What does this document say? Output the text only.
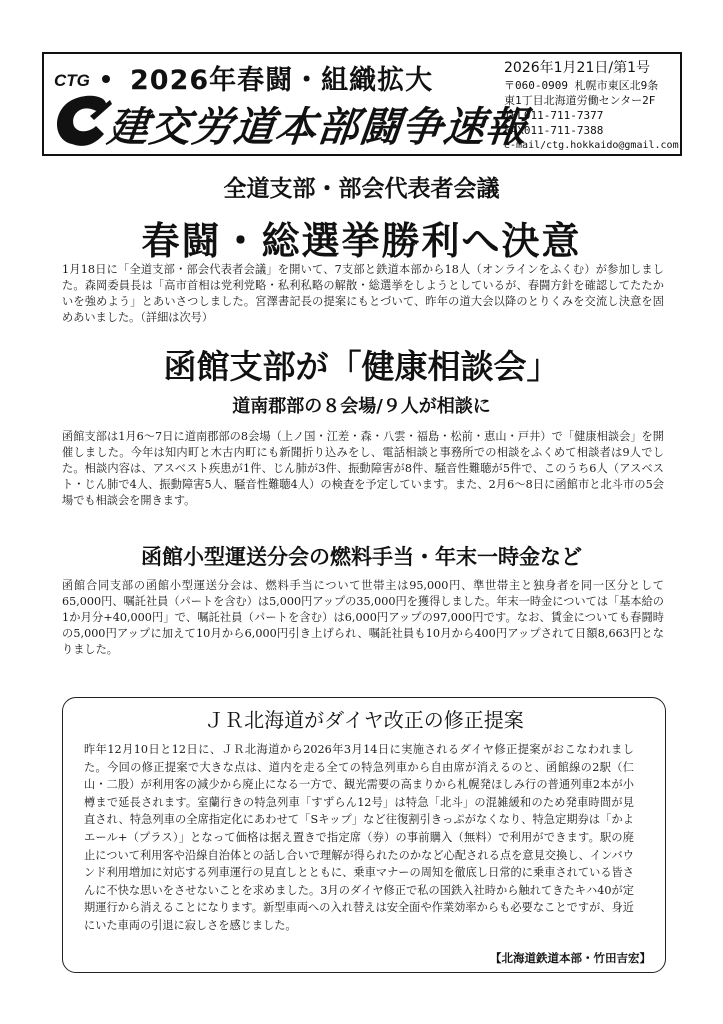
CTG 2026年春闘・組織拡大
建交労道本部闘争速報
2026年1月21日/第1号
〒060-0909 札幌市東区北9条
東1丁目北海道労働センター2F
TEL011-711-7377
FAX011-711-7388
e-mail/ctg.hokkaido@gmail.com
全道支部・部会代表者会議
春闘・総選挙勝利へ決意
1月18日に「全道支部・部会代表者会議」を開いて、7支部と鉄道本部から18人（オンラインをふくむ）が参加しました。森岡委員長は「高市首相は党利党略・私利私略の解散・総選挙をしようとしているが、春闘方針を確認してたたかいを強めよう」とあいさつしました。宮澤書記長の提案にもとづいて、昨年の道大会以降のとりくみを交流し決意を固めあいました。（詳細は次号）
函館支部が「健康相談会」
道南郡部の８会場/９人が相談に
函館支部は1月6～7日に道南郡部の8会場（上ノ国・江差・森・八雲・福島・松前・恵山・戸井）で「健康相談会」を開催しました。今年は知内町と木古内町にも新聞折り込みをし、電話相談と事務所での相談をふくめて相談者は9人でした。相談内容は、アスベスト疾患が1件、じん肺が3件、振動障害が8件、騒音性難聴が5件で、このうち6人（アスベスト・じん肺で4人、振動障害5人、騒音性難聴4人）の検査を予定しています。また、2月6～8日に函館市と北斗市の5会場でも相談会を開きます。
函館小型運送分会の燃料手当・年末一時金など
函館合同支部の函館小型運送分会は、燃料手当について世帯主は95,000円、準世帯主と独身者を同一区分として65,000円、嘱託社員（パートを含む）は5,000円アップの35,000円を獲得しました。年末一時金については「基本給の1か月分+40,000円」で、嘱託社員（パートを含む）は6,000円アップの97,000円です。なお、賃金についても春闘時の5,000円アップに加えて10月から6,000円引き上げられ、嘱託社員も10月から400円アップされて日額8,663円となりました。
ＪＲ北海道がダイヤ改正の修正提案
【北海道鉄道本部・竹田吉宏】
昨年12月10日と12日に、ＪＲ北海道から2026年3月14日に実施されるダイヤ修正提案がおこなわれました。今回の修正提案で大きな点は、道内を走る全ての特急列車から自由席が消えるのと、函館線の2駅（仁山・二股）が利用客の減少から廃止になる一方で、観光需要の高まりから札幌発ほしみ行の普通列車2本が小樽まで延長されます。室蘭行きの特急列車「すずらん12号」は特急「北斗」の混雑緩和のため発車時間が見直され、特急列車の全席指定化にあわせて「Sキップ」など往復割引きっぷがなくなり、特急定期券は「かよエール+（プラス）」となって価格は据え置きで指定席（券）の事前購入（無料）で利用ができます。駅の廃止について利用客や沿線自治体との話し合いで理解が得られたのかなど心配される点を意見交換し、インバウンド利用増加に対応する列車運行の見直しとともに、乗車マナーの周知を徹底し日常的に乗車されている皆さんに不快な思いをさせないことを求めました。3月のダイヤ修正で私の国鉄入社時から触れてきたキハ40が定期運行から消えることになります。新型車両への入れ替えは安全面や作業効率からも必要なことですが、身近にいた車両の引退に寂しさを感じました。
